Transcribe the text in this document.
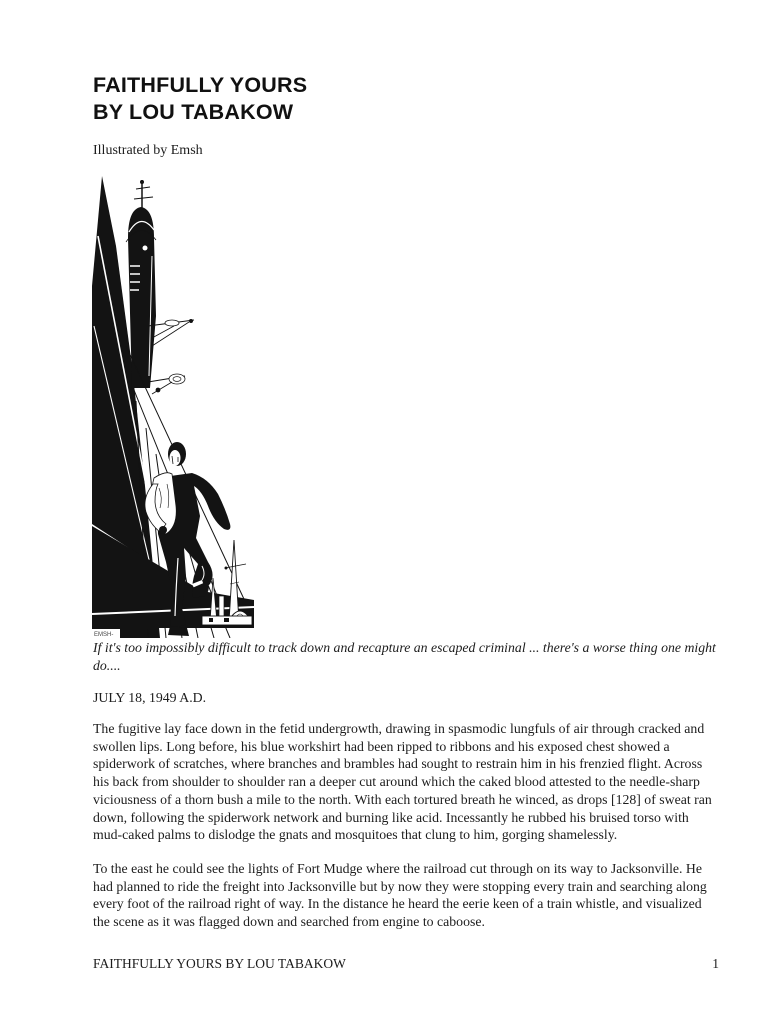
FAITHFULLY YOURS
BY LOU TABAKOW
Illustrated by Emsh
EMSH-
If it's too impossibly difficult to track down and recapture an escaped criminal ... there's a worse thing one might do....
JULY 18, 1949 A.D.

The fugitive lay face down in the fetid undergrowth, drawing in spasmodic lungfuls of air through cracked and swollen lips. Long before, his blue workshirt had been ripped to ribbons and his exposed chest showed a spiderwork of scratches, where branches and brambles had sought to restrain him in his frenzied flight. Across his back from shoulder to shoulder ran a deeper cut around which the caked blood attested to the needle-sharp viciousness of a thorn bush a mile to the north. With each tortured breath he winced, as drops [128] of sweat ran down, following the spiderwork network and burning like acid. Incessantly he rubbed his bruised torso with mud-caked palms to dislodge the gnats and mosquitoes that clung to him, gorging shamelessly.

To the east he could see the lights of Fort Mudge where the railroad cut through on its way to Jacksonville. He had planned to ride the freight into Jacksonville but by now they were stopping every train and searching along every foot of the railroad right of way. In the distance he heard the eerie keen of a train whistle, and visualized the scene as it was flagged down and searched from engine to caboose.

FAITHFULLY YOURS BY LOU TABAKOW	1
